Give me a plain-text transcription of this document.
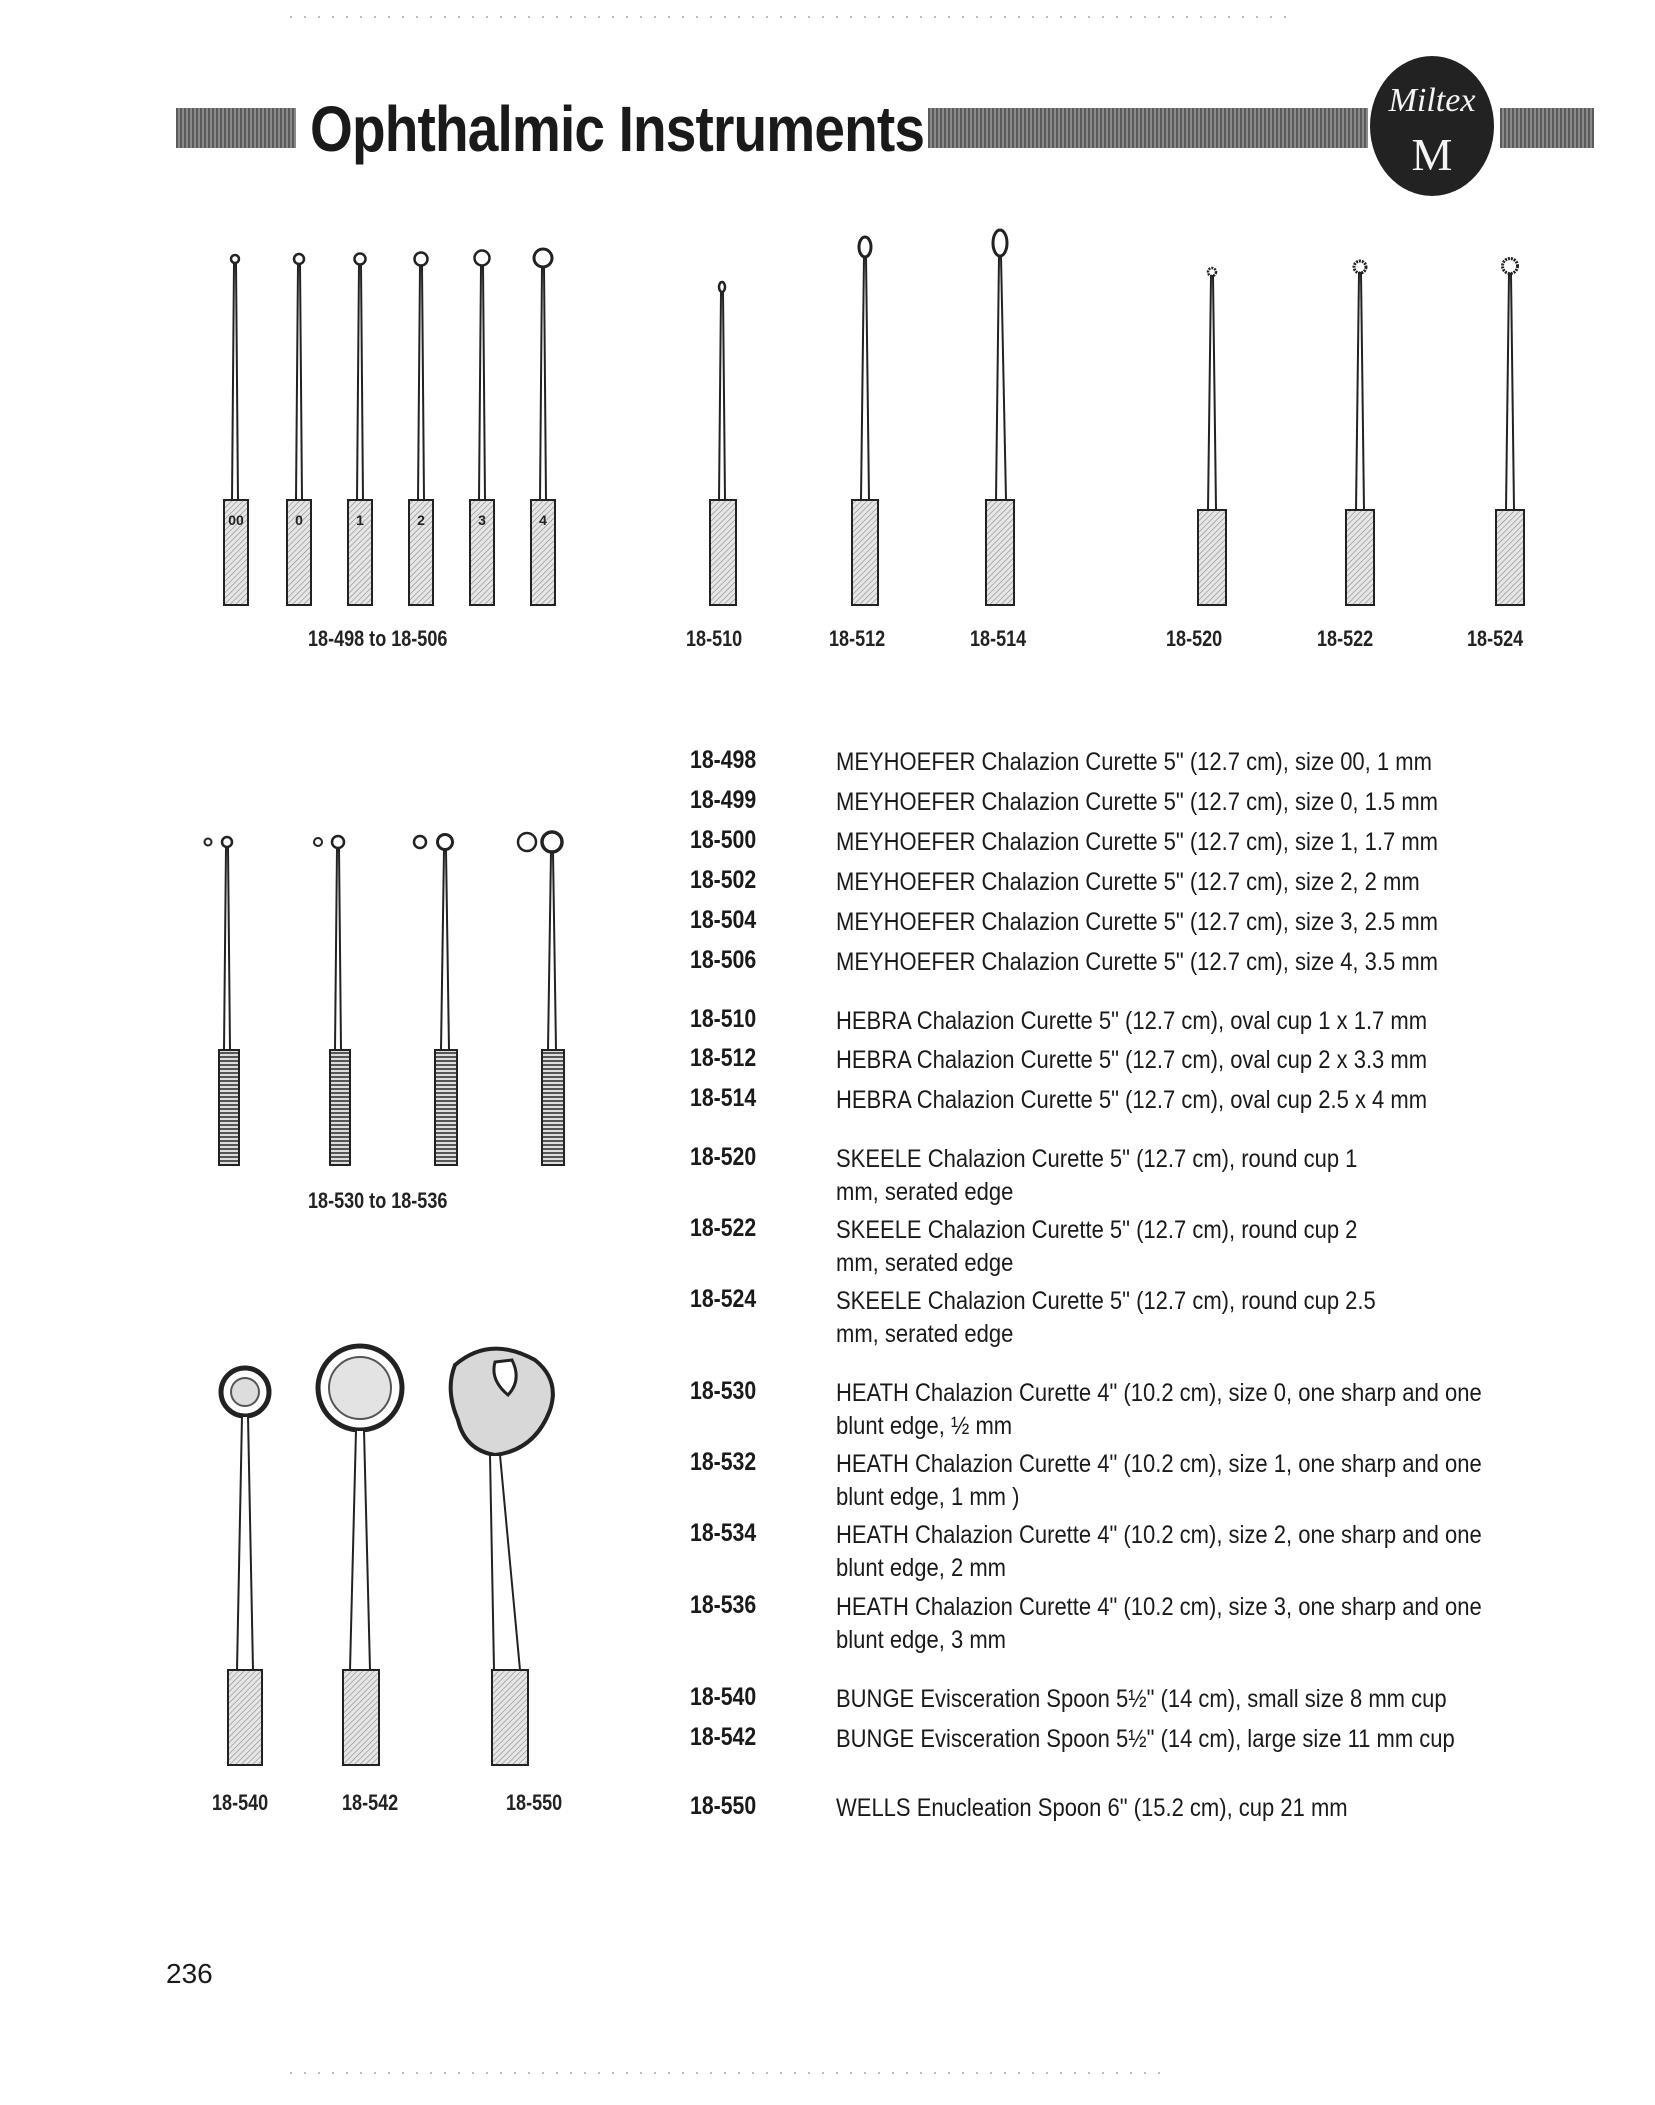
Ophthalmic Instruments	Miltex
M
00	0	1	2	3	4
18-498 to 18-506	18-510	18-512	18-514	18-520	18-522	18-524
18-530 to 18-536
18-540	18-542	18-550
18-498	MEYHOEFER Chalazion Curette 5" (12.7 cm), size 00, 1 mm
18-499	MEYHOEFER Chalazion Curette 5" (12.7 cm), size 0, 1.5 mm
18-500	MEYHOEFER Chalazion Curette 5" (12.7 cm), size 1, 1.7 mm
18-502	MEYHOEFER Chalazion Curette 5" (12.7 cm), size 2, 2 mm
18-504	MEYHOEFER Chalazion Curette 5" (12.7 cm), size 3, 2.5 mm
18-506	MEYHOEFER Chalazion Curette 5" (12.7 cm), size 4, 3.5 mm
18-510	HEBRA Chalazion Curette 5" (12.7 cm), oval cup 1 x 1.7 mm
18-512	HEBRA Chalazion Curette 5" (12.7 cm), oval cup 2 x 3.3 mm
18-514	HEBRA Chalazion Curette 5" (12.7 cm), oval cup 2.5 x 4 mm
18-520	SKEELE Chalazion Curette 5" (12.7 cm), round cup 1 mm, serated edge
18-522	SKEELE Chalazion Curette 5" (12.7 cm), round cup 2 mm, serated edge
18-524	SKEELE Chalazion Curette 5" (12.7 cm), round cup 2.5 mm, serated edge
18-530	HEATH Chalazion Curette 4" (10.2 cm), size 0, one sharp and one blunt edge, ½ mm
18-532	HEATH Chalazion Curette 4" (10.2 cm), size 1, one sharp and one blunt edge, 1 mm )
18-534	HEATH Chalazion Curette 4" (10.2 cm), size 2, one sharp and one blunt edge, 2 mm
18-536	HEATH Chalazion Curette 4" (10.2 cm), size 3, one sharp and one blunt edge, 3 mm
18-540	BUNGE Evisceration Spoon 5½" (14 cm), small size 8 mm cup
18-542	BUNGE Evisceration Spoon 5½" (14 cm), large size 11 mm cup
18-550	WELLS Enucleation Spoon 6" (15.2 cm), cup 21 mm
236
